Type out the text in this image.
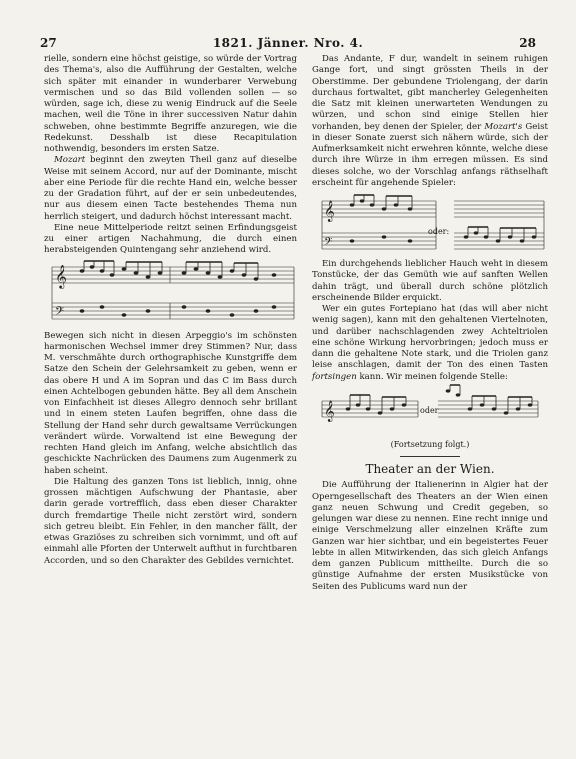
27	1821. Jänner. Nro. 4.	28

rielle, sondern eine höchst geistige, so würde der Vortrag des Thema's, also die Aufführung der Gestalten, welche sich später mit einander in wunderbarer Verwebung vermischen und so das Bild vollenden sollen — so würden, sage ich, diese zu wenig Eindruck auf die Seele machen, weil die Töne in ihrer successiven Natur dahin schweben, ohne bestimmte Begriffe anzuregen, wie die Redekunst. Desshalb ist diese Recapitulation nothwendig, besonders im ersten Satze.

Mozart beginnt den zweyten Theil ganz auf dieselbe Weise mit seinem Accord, nur auf der Dominante, mischt aber eine Periode für die rechte Hand ein, welche besser zu der Gradation führt, auf der er sein unbedeutendes, nur aus diesem einen Tacte bestehendes Thema nun herrlich steigert, und dadurch höchst interessant macht.

Eine neue Mittelperiode reitzt seinen Erfindungsgeist zu einer artigen Nachahmung, die durch einen herabsteigenden Quintengang sehr anziehend wird.

𝄞
𝄢

Bewegen sich nicht in diesen Arpeggio's im schönsten harmonischen Wechsel immer drey Stimmen? Nur, dass M. verschmähte durch orthographische Kunstgriffe dem Satze den Schein der Gelehrsamkeit zu geben, wenn er das obere H und A im Sopran und das C im Bass durch einen Achtelbogen gebunden hätte. Bey all dem Anschein von Einfachheit ist dieses Allegro dennoch sehr brillant und in einem steten Laufen begriffen, ohne dass die Stellung der Hand sehr durch gewaltsame Verrückungen verändert würde. Vorwaltend ist eine Bewegung der rechten Hand gleich im Anfang, welche absichtlich das geschickte Nachrücken des Daumens zum Augenmerk zu haben scheint.

Die Haltung des ganzen Tons ist lieblich, innig, ohne grossen mächtigen Aufschwung der Phantasie, aber darin gerade vortrefflich, dass eben dieser Charakter durch fremdartige Theile nicht zerstört wird, sondern sich getreu bleibt. Ein Fehler, in den mancher fällt, der etwas Graziöses zu schreiben sich vornimmt, und oft auf einmahl alle Pforten der Unterwelt aufthut in furchtbaren Accorden, und so den Charakter des Gebildes vernichtet.

Das Andante, F dur, wandelt in seinem ruhigen Gange fort, und singt grössten Theils in der Oberstimme. Der gebundene Triolengang, der darin durchaus fortwaltet, gibt mancherley Gelegenheiten die Satz mit kleinen unerwarteten Wendungen zu würzen, und schon sind einige Stellen hier vorhanden, bey denen der Spieler, der Mozart's Geist in dieser Sonate zuerst sich nähern würde, sich der Aufmerksamkeit nicht erwehren könnte, welche diese durch ihre Würze in ihm erregen müssen. Es sind dieses solche, wo der Vorschlag anfangs räthselhaft erscheint für angehende Spieler:

𝄞
𝄢
oder:

Ein durchgehends lieblicher Hauch weht in diesem Tonstücke, der das Gemüth wie auf sanften Wellen dahin trägt, und überall durch schöne plötzlich erscheinende Bilder erquickt.

Wer ein gutes Fortepiano hat (das will aber nicht wenig sagen), kann mit den gehaltenen Viertelnoten, und darüber nachschlagenden zwey Achteltriolen eine schöne Wirkung hervorbringen; jedoch muss er dann die gehaltene Note stark, und die Triolen ganz leise anschlagen, damit der Ton des einen Tasten fortsingen kann. Wir meinen folgende Stelle:

𝄞	oder
(Fortsetzung folgt.)
Theater an der Wien.

Die Aufführung der Italienerinn in Algier hat der Operngesellschaft des Theaters an der Wien einen ganz neuen Schwung und Credit gegeben, so gelungen war diese zu nennen. Eine recht innige und einige Verschmelzung aller einzelnen Kräfte zum Ganzen war hier sichtbar, und ein begeistertes Feuer lebte in allen Mitwirkenden, das sich gleich Anfangs dem ganzen Publicum mittheilte. Durch die so günstige Aufnahme der ersten Musikstücke von Seiten des Publicums ward nun der
